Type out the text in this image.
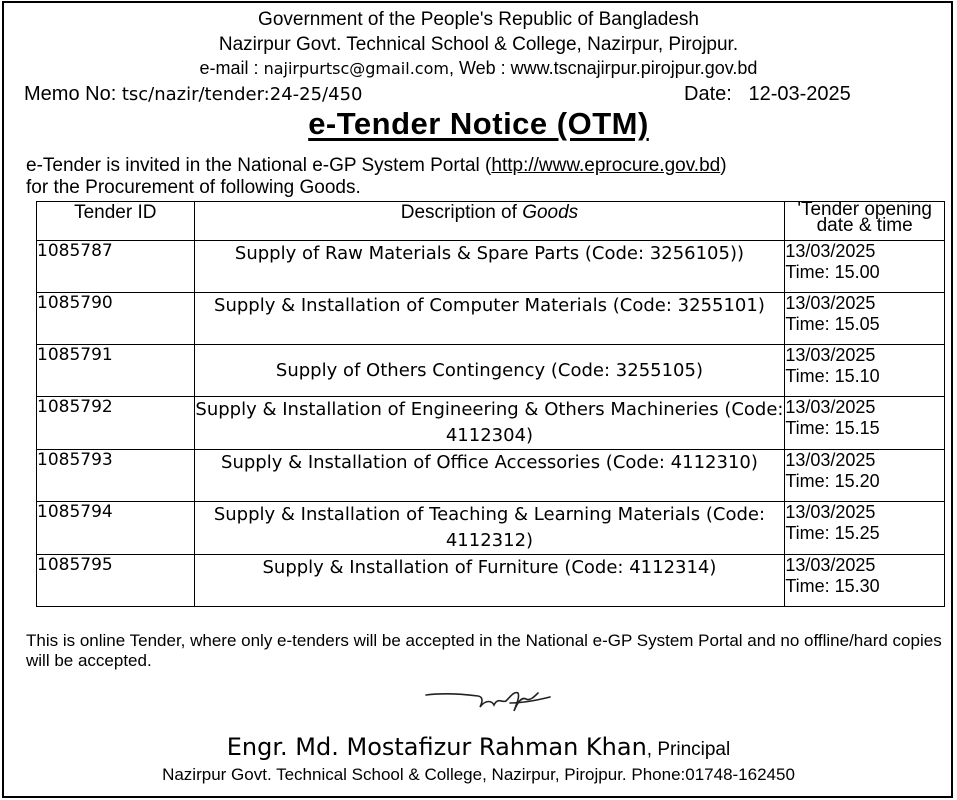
Government of the People's Republic of Bangladesh
Nazirpur Govt. Technical School & College, Nazirpur, Pirojpur.
e-mail : najirpurtsc@gmail.com, Web : www.tscnajirpur.pirojpur.gov.bd
Memo No: tsc/nazir/tender:24-25/450	Date:   12-03-2025
e-Tender Notice (OTM)
e-Tender is invited in the National e-GP System Portal (http://www.eprocure.gov.bd)
for the Procurement of following Goods.
Tender ID	Description of Goods	'Tender opening date & time
1085787	Supply of Raw Materials & Spare Parts (Code: 3256105))	13/03/2025
Time: 15.00

1085790	Supply & Installation of Computer Materials (Code: 3255101)	13/03/2025
Time: 15.05

1085791	Supply of Others Contingency (Code: 3255105)	13/03/2025
Time: 15.10

1085792	Supply & Installation of Engineering & Others Machineries (Code: 4112304)	13/03/2025
Time: 15.15

1085793	Supply & Installation of Office Accessories (Code: 4112310)	13/03/2025
Time: 15.20

1085794	Supply & Installation of Teaching & Learning Materials (Code: 4112312)	13/03/2025
Time: 15.25

1085795	Supply & Installation of Furniture (Code: 4112314)	13/03/2025
Time: 15.30
This is online Tender, where only e-tenders will be accepted in the National e-GP System Portal and no offline/hard copies will be accepted.
Engr. Md. Mostafizur Rahman Khan, Principal
Nazirpur Govt. Technical School & College, Nazirpur, Pirojpur. Phone:01748-162450
